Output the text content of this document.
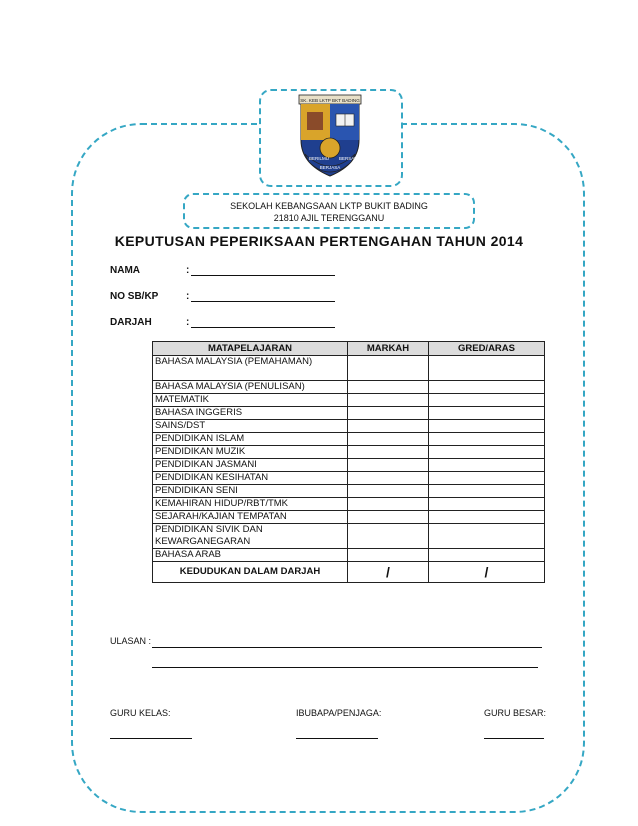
SK. KEB LKTP BKT BADING
BERILMU BERSATU
BERJASA
SEKOLAH KEBANGSAAN LKTP BUKIT BADING
21810 AJIL TERENGGANU
KEPUTUSAN PEPERIKSAAN PERTENGAHAN TAHUN 2014
NAMA	:
NO SB/KP	:
DARJAH	:
MATAPELAJARAN	MARKAH	GRED/ARAS
BAHASA MALAYSIA (PEMAHAMAN)		
BAHASA MALAYSIA (PENULISAN)		
MATEMATIK		
BAHASA INGGERIS		
SAINS/DST		
PENDIDIKAN ISLAM		
PENDIDIKAN MUZIK		
PENDIDIKAN JASMANI		
PENDIDIKAN KESIHATAN		
PENDIDIKAN SENI		
KEMAHIRAN HIDUP/RBT/TMK		
SEJARAH/KAJIAN TEMPATAN		
PENDIDIKAN SIVIK DAN KEWARGANEGARAN		
BAHASA ARAB		
KEDUDUKAN DALAM DARJAH	/	/
ULASAN :
GURU KELAS:	IBUBAPA/PENJAGA:	GURU BESAR:
